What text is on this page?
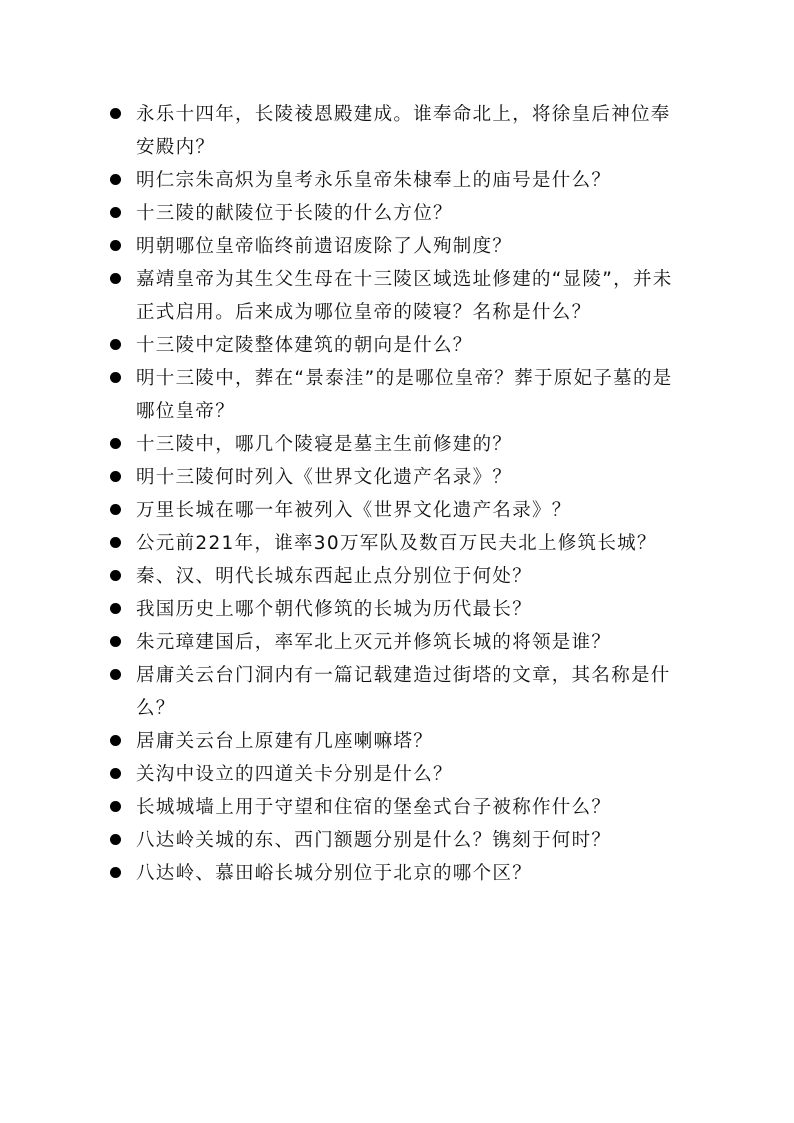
永乐十四年，长陵祾恩殿建成。谁奉命北上，将徐皇后神位奉安殿内？
明仁宗朱高炽为皇考永乐皇帝朱棣奉上的庙号是什么？
十三陵的献陵位于长陵的什么方位？
明朝哪位皇帝临终前遗诏废除了人殉制度？
嘉靖皇帝为其生父生母在十三陵区域选址修建的“显陵”，并未正式启用。后来成为哪位皇帝的陵寝？名称是什么？
十三陵中定陵整体建筑的朝向是什么？
明十三陵中，葬在“景泰洼”的是哪位皇帝？葬于原妃子墓的是哪位皇帝？
十三陵中，哪几个陵寝是墓主生前修建的？
明十三陵何时列入《世界文化遗产名录》？
万里长城在哪一年被列入《世界文化遗产名录》？
公元前221年，谁率30万军队及数百万民夫北上修筑长城？
秦、汉、明代长城东西起止点分别位于何处？
我国历史上哪个朝代修筑的长城为历代最长？
朱元璋建国后，率军北上灭元并修筑长城的将领是谁？
居庸关云台门洞内有一篇记载建造过街塔的文章，其名称是什么？
居庸关云台上原建有几座喇嘛塔？
关沟中设立的四道关卡分别是什么？
长城城墙上用于守望和住宿的堡垒式台子被称作什么？
八达岭关城的东、西门额题分别是什么？镌刻于何时？
八达岭、慕田峪长城分别位于北京的哪个区？
